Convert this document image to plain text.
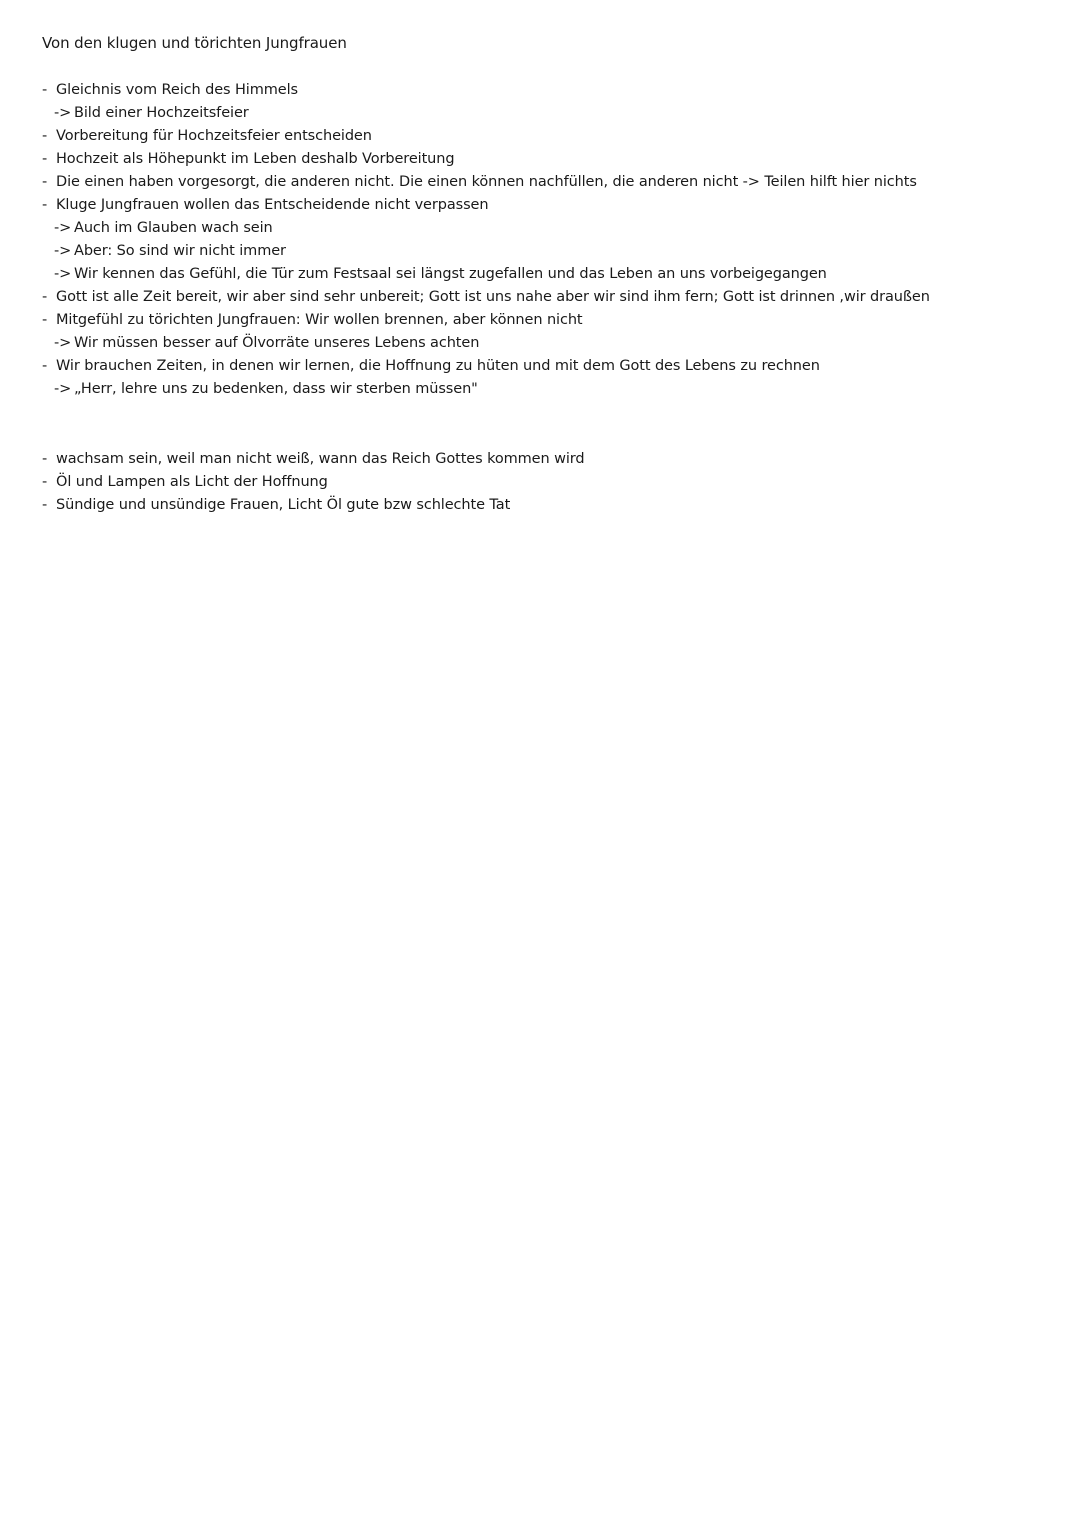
Von den klugen und törichten Jungfrauen
- Gleichnis vom Reich des Himmels
-> Bild einer Hochzeitsfeier
- Vorbereitung für Hochzeitsfeier entscheiden
- Hochzeit als Höhepunkt im Leben deshalb Vorbereitung
- Die einen haben vorgesorgt, die anderen nicht. Die einen können nachfüllen, die anderen nicht -> Teilen hilft hier nichts
- Kluge Jungfrauen wollen das Entscheidende nicht verpassen
-> Auch im Glauben wach sein
-> Aber: So sind wir nicht immer
-> Wir kennen das Gefühl, die Tür zum Festsaal sei längst zugefallen und das Leben an uns vorbeigegangen
- Gott ist alle Zeit bereit, wir aber sind sehr unbereit; Gott ist uns nahe aber wir sind ihm fern; Gott ist drinnen ,wir draußen
- Mitgefühl zu törichten Jungfrauen: Wir wollen brennen, aber können nicht
-> Wir müssen besser auf Ölvorräte unseres Lebens achten
- Wir brauchen Zeiten, in denen wir lernen, die Hoffnung zu hüten und mit dem Gott des Lebens zu rechnen
-> „Herr, lehre uns zu bedenken, dass wir sterben müssen"
- wachsam sein, weil man nicht weiß, wann das Reich Gottes kommen wird
- Öl und Lampen als Licht der Hoffnung
- Sündige und unsündige Frauen, Licht Öl gute bzw schlechte Tat
